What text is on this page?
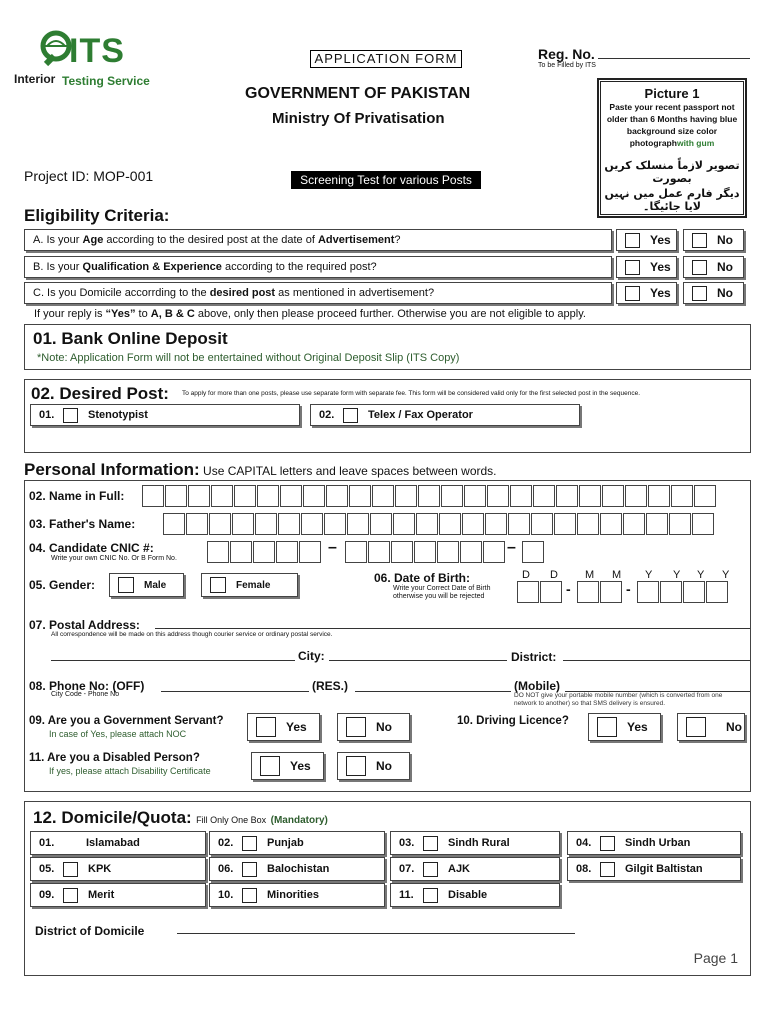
ITS
Interior Testing Service
APPLICATION FORM	Reg. No.
To be Filled by ITS
GOVERNMENT OF PAKISTAN
Ministry Of Privatisation
Project ID: MOP-001	Screening Test for various Posts
Picture 1
Paste your recent passport not older than 6 Months having blue background size color photographwith gum
تصویر لازماً منسلک کریں بصورت
دیگر فارم عمل میں نہیں لایا جائیگا۔
Eligibility Criteria:
A. Is your Age according to the desired post at the date of Advertisement?	Yes	No
B. Is your Qualification & Experience according to the required post?	Yes	No
C. Is you Domicile accorrding to the desired post as mentioned in advertisement?	Yes	No
If your reply is “Yes” to A, B & C above, only then please proceed further. Otherwise you are not eligible to apply.
01. Bank Online Deposit
*Note: Application Form will not be entertained without Original Deposit Slip (ITS Copy)
02. Desired Post: To apply for more than one posts, please use separate form with separate fee. This form will be considered valid only for the first selected post in the sequence.
01.	Stenotypist	02.	Telex / Fax Operator
Personal Information: Use CAPITAL letters and leave spaces between words.
02. Name in Full:
03. Father's Name:
04. Candidate CNIC #:
Write your own CNIC No. Or B Form No.
–	–
05. Gender:	Male	Female	06. Date of Birth:
Write your Correct Date of Birth otherwise you will be rejected
D D M M Y Y Y Y
-	-
07. Postal Address:
All correspondence will be made on this address though courier service or ordinary postal service.
City:	District:
08. Phone No: (OFF)
City Code - Phone No
(RES.)	(Mobile)
DO NOT give your portable mobile number (which is converted from one network to another) so that SMS delivery is ensured.
09. Are you a Government Servant?
In case of Yes, please attach NOC	Yes	No	10. Driving Licence?	Yes	No
11. Are you a Disabled Person?
If yes, please attach Disability Certificate	Yes	No
12. Domicile/Quota: Fill Only One Box (Mandatory)
01.	Islamabad	02.	Punjab	03.	Sindh Rural	04.	Sindh Urban
05.	KPK	06.	Balochistan	07.	AJK	08.	Gilgit Baltistan
09.	Merit	10.	Minorities	11.	Disable
District of Domicile
Page 1
